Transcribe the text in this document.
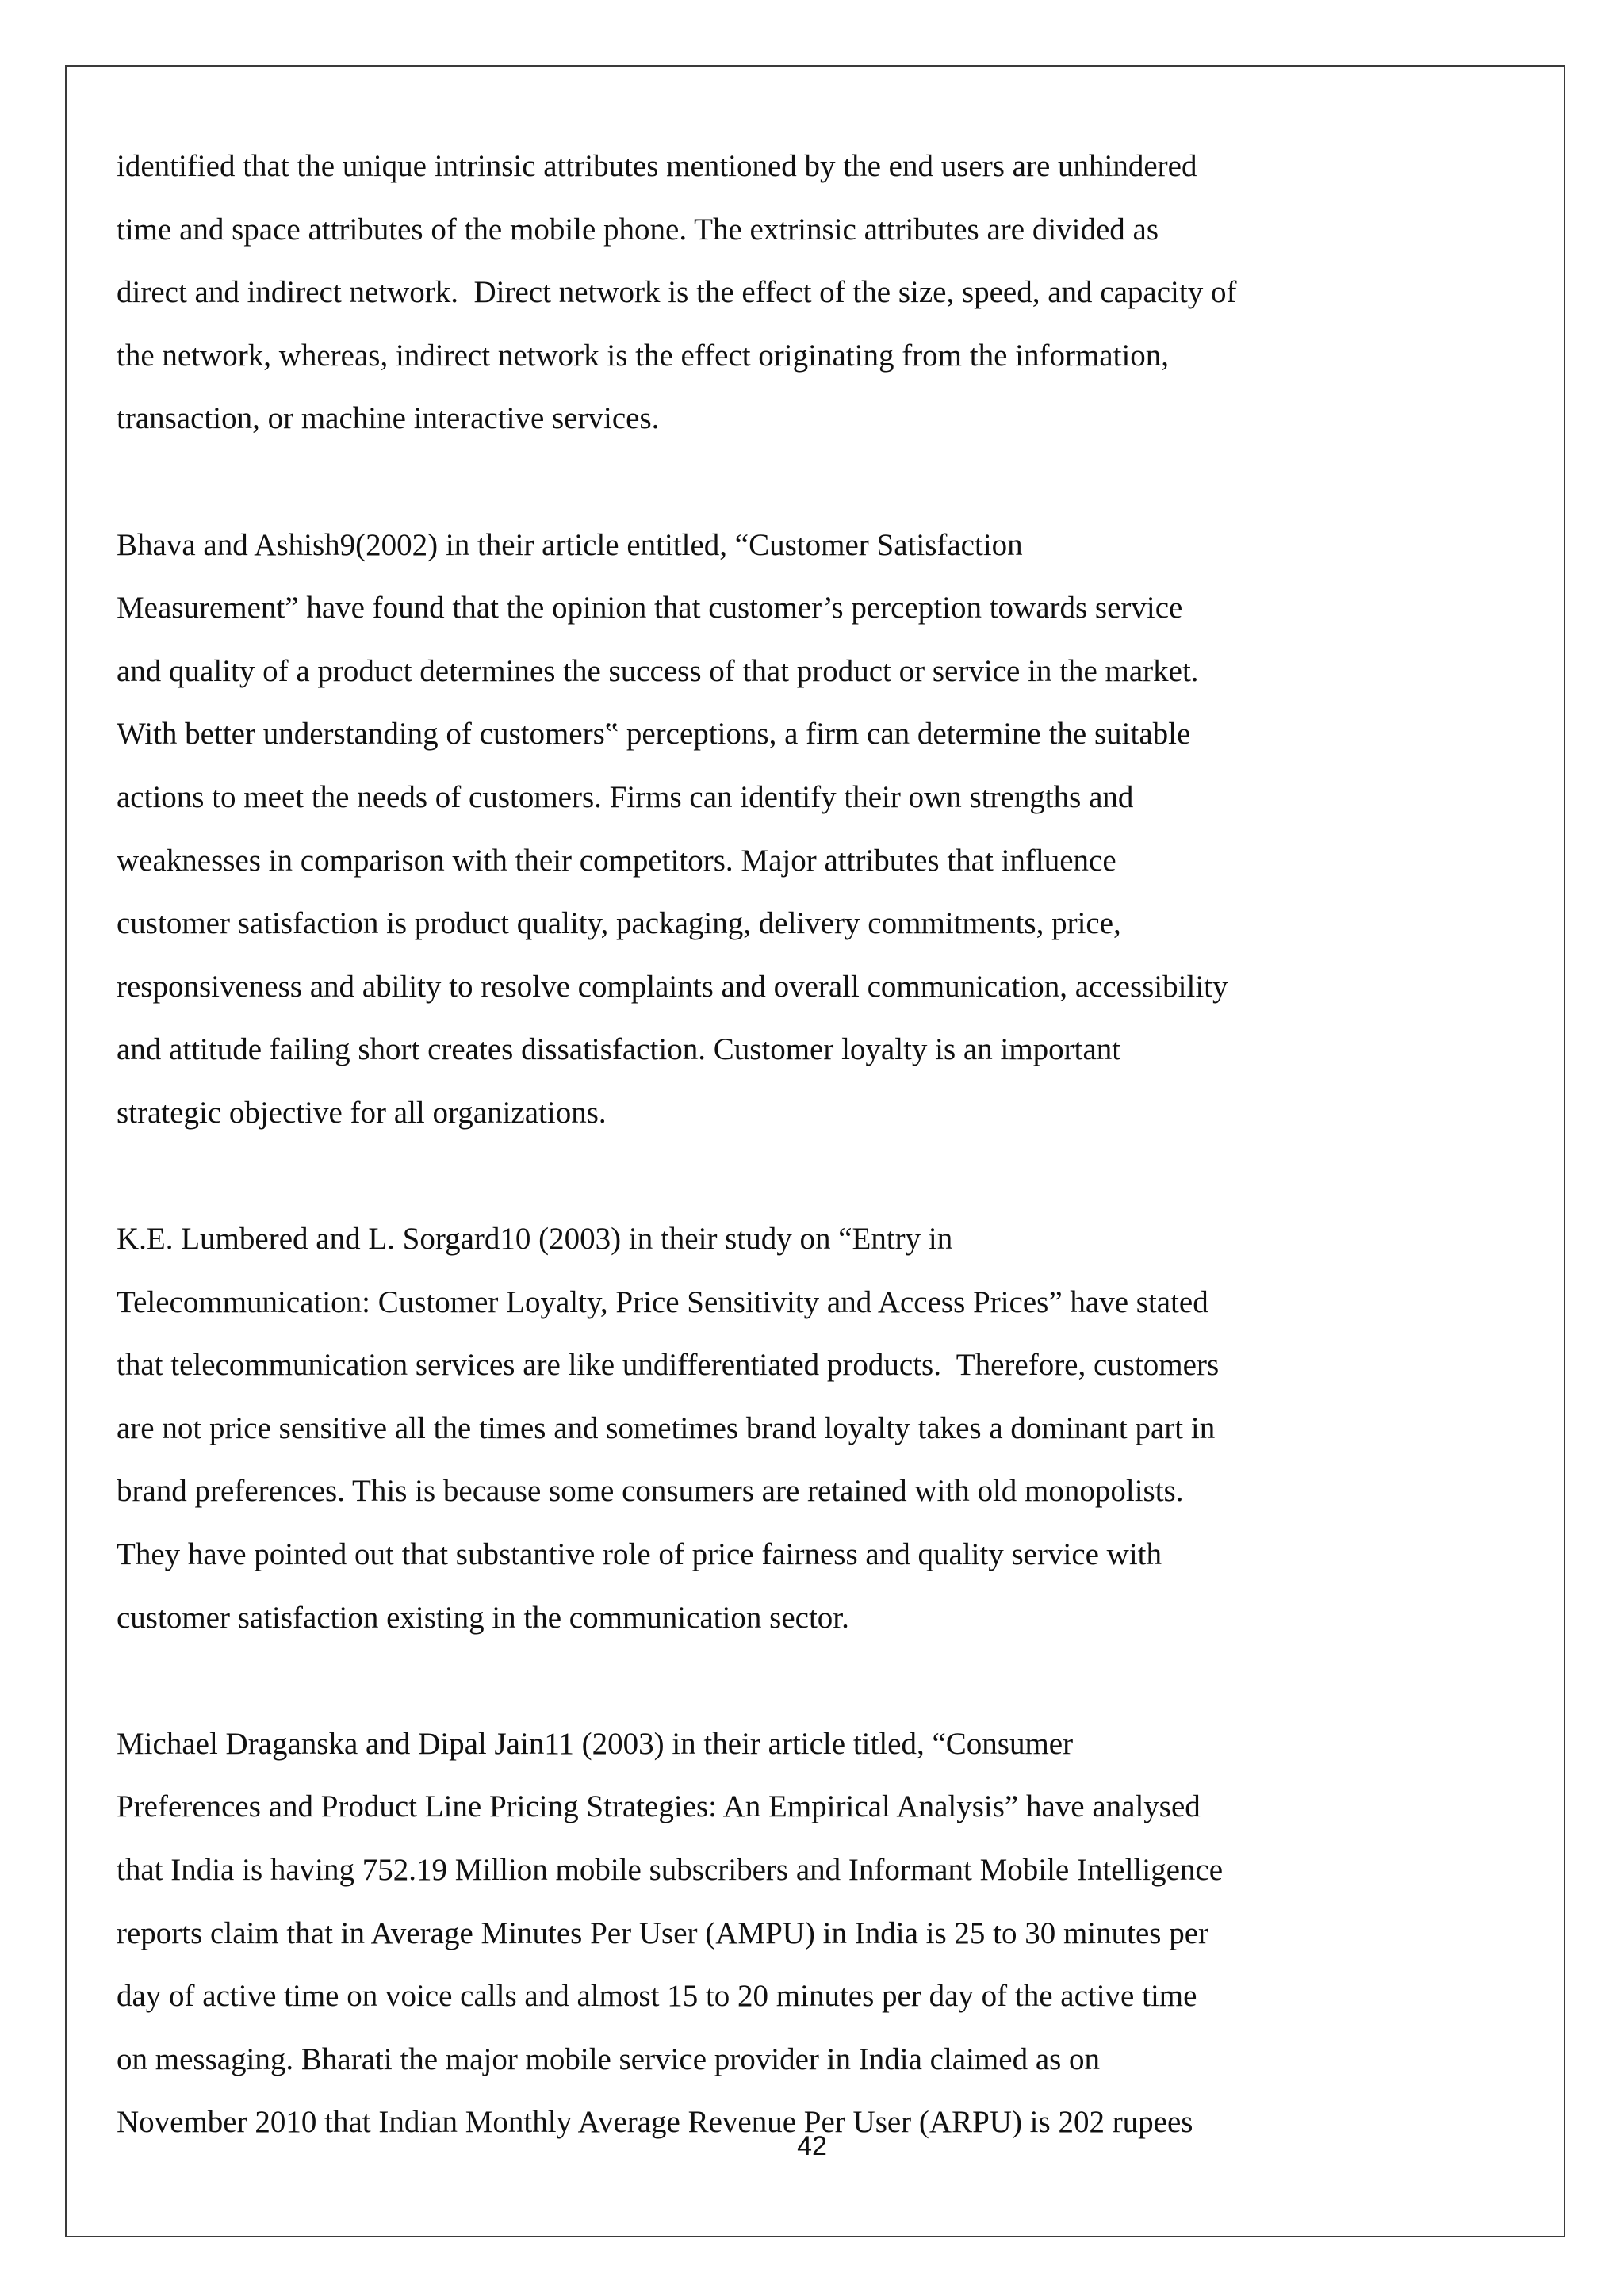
identified that the unique intrinsic attributes mentioned by the end users are unhindered
time and space attributes of the mobile phone. The extrinsic attributes are divided as
direct and indirect network.  Direct network is the effect of the size, speed, and capacity of
the network, whereas, indirect network is the effect originating from the information,
transaction, or machine interactive services.
Bhava and Ashish9(2002) in their article entitled, “Customer Satisfaction
Measurement” have found that the opinion that customer’s perception towards service
and quality of a product determines the success of that product or service in the market.
With better understanding of customers‟ perceptions, a firm can determine the suitable
actions to meet the needs of customers. Firms can identify their own strengths and
weaknesses in comparison with their competitors. Major attributes that influence
customer satisfaction is product quality, packaging, delivery commitments, price,
responsiveness and ability to resolve complaints and overall communication, accessibility
and attitude failing short creates dissatisfaction. Customer loyalty is an important
strategic objective for all organizations.
K.E. Lumbered and L. Sorgard10 (2003) in their study on “Entry in
Telecommunication: Customer Loyalty, Price Sensitivity and Access Prices” have stated
that telecommunication services are like undifferentiated products.  Therefore, customers
are not price sensitive all the times and sometimes brand loyalty takes a dominant part in
brand preferences. This is because some consumers are retained with old monopolists.
They have pointed out that substantive role of price fairness and quality service with
customer satisfaction existing in the communication sector.
Michael Draganska and Dipal Jain11 (2003) in their article titled, “Consumer
Preferences and Product Line Pricing Strategies: An Empirical Analysis” have analysed
that India is having 752.19 Million mobile subscribers and Informant Mobile Intelligence
reports claim that in Average Minutes Per User (AMPU) in India is 25 to 30 minutes per
day of active time on voice calls and almost 15 to 20 minutes per day of the active time
on messaging. Bharati the major mobile service provider in India claimed as on
November 2010 that Indian Monthly Average Revenue Per User (ARPU) is 202 rupees
42
